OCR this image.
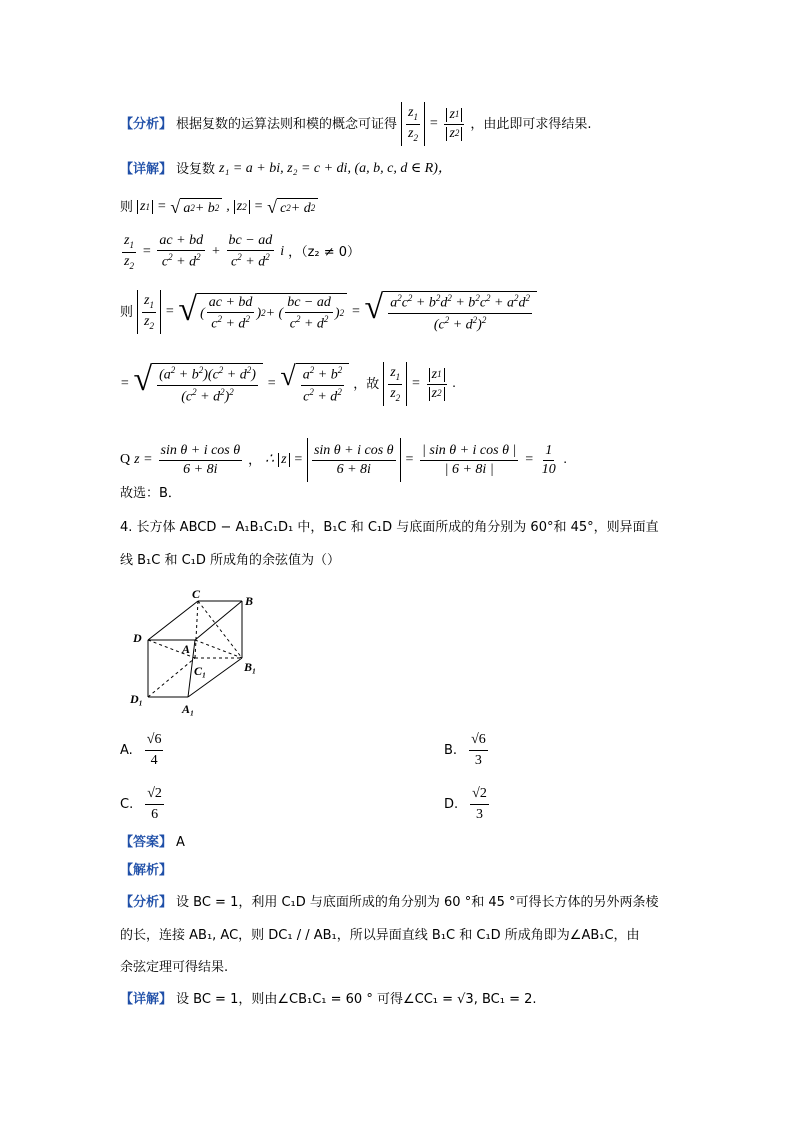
【分析】 根据复数的运算法则和模的概念可证得 $\frac{z_1}{z_2} = \frac{z 1}{z 2}$ ，由此即可求得结果.
【详解】 设复数 z₁ = a + bi, z₂ = c + di, (a, b, c, d ∈ R)，
则 z 1 = √ a 2 + b 2 , z 2 = √ c 2 + d 2
$\frac{z_1}{z_2} = \frac{ac + bd}{c^2 + d^2} + \frac{bc - ad}{c^2 + d^2}$ i ，（z₂ ≠ 0）
则 $\frac{z_1}{z_2}$ = √ ( $\frac{ac + bd}{c^2 + d^2}$ ) 2 + ( $\frac{bc - ad}{c^2 + d^2}$ ) 2 = √ $\frac{a^2c^2 + b^2d^2 + b^2c^2 + a^2d^2}{(c^2 + d^2)^2}$
= √ $\frac{(a^2 + b^2)(c^2 + d^2)}{(c^2 + d^2)^2}$ = √ $\frac{a^2 + b^2}{c^2 + d^2}$ ，故 $\frac{z_1}{z_2} = \frac{z 1}{z 2}$ .
Q $z = \frac{\text{sin θ + i cos θ}}{6 + 8i}$ ， ∴ $z = \frac{\text{sin θ + i cos θ}}{6 + 8i} = \frac{\text{| sin θ + i cos θ |}}{| 6 + 8i |} = \frac{1}{10}$ .
故选：B．
4. 长方体 ABCD − A₁B₁C₁D₁ 中，B₁C 和 C₁D 与底面所成的角分别为 60°和 45°，则异面直
线 B₁C 和 C₁D 所成角的余弦值为（）
C	B
D
A
C₁	B₁
D₁
A₁
A. $\frac{√6}{4}$	B. $\frac{√6}{3}$
C. $\frac{√2}{6}$	D. $\frac{√2}{3}$
【答案】 A
【解析】
【分析】 设 BC = 1，利用 C₁D 与底面所成的角分别为 60 °和 45 °可得长方体的另外两条棱
的长，连接 AB₁, AC，则 DC₁ / / AB₁，所以异面直线 B₁C 和 C₁D 所成角即为∠AB₁C，由
余弦定理可得结果.
【详解】 设 BC = 1，则由∠CB₁C₁ = 60 ° 可得∠CC₁ = √3, BC₁ = 2.
